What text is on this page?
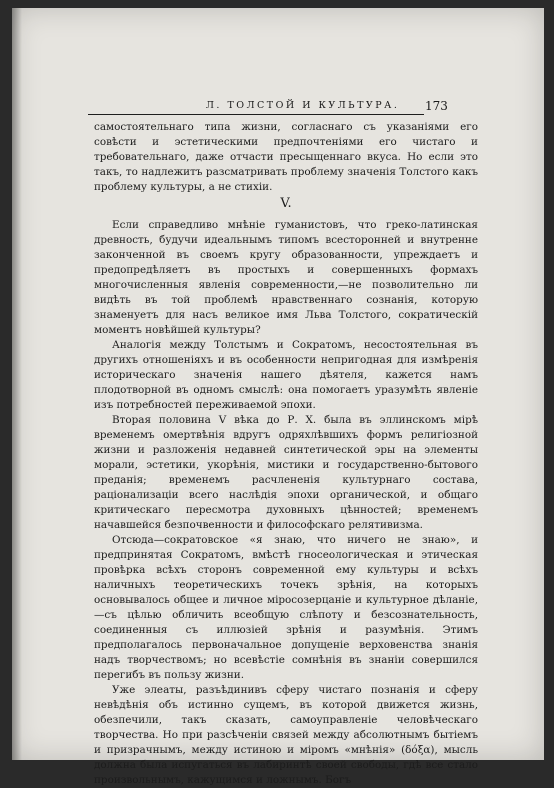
Л. ТОЛСТОЙ И КУЛЬТУРА. 173

самостоятельнаго типа жизни, согласнаго съ указаніями его совѣсти и эстетическими предпочтеніями его чистаго и требовательнаго, даже отчасти пресыщеннаго вкуса. Но если это такъ, то надлежитъ разсматривать проблему значенія Толстого какъ проблему культуры, а не стихіи.

V.

Если справедливо мнѣніе гуманистовъ, что греко-латинская древность, будучи идеальнымъ типомъ всесторонней и внутренне законченной въ своемъ кругу образованности, упреждаетъ и предопредѣляетъ въ простыхъ и совершенныхъ формахъ многочисленныя явленія современности,—не позволительно ли видѣть въ той проблемѣ нравственнаго сознанія, которую знаменуетъ для насъ великое имя Льва Толстого, сократическій моментъ новѣйшей культуры?

Аналогія между Толстымъ и Сократомъ, несостоятельная въ другихъ отношеніяхъ и въ особенности непригодная для измѣренія историческаго значенія нашего дѣятеля, кажется намъ плодотворной въ одномъ смыслѣ: она помогаетъ уразумѣть явленіе изъ потребностей переживаемой эпохи.

Вторая половина V вѣка до Р. Х. была въ эллинскомъ мірѣ временемъ омертвѣнія вдругъ одряхлѣвшихъ формъ религіозной жизни и разложенія недавней синтетической эры на элементы морали, эстетики, укорѣнія, мистики и государственно-бытового преданія; временемъ расчлененія культурнаго состава, раціонализаціи всего наслѣдія эпохи органической, и общаго критическаго пересмотра духовныхъ цѣнностей; временемъ начавшейся безпочвенности и философскаго релятивизма.

Отсюда—сократовское «я знаю, что ничего не знаю», и предпринятая Сократомъ, вмѣстѣ гносеологическая и этическая провѣрка всѣхъ сторонъ современной ему культуры и всѣхъ наличныхъ теоретическихъ точекъ зрѣнія, на которыхъ основывалось общее и личное міросозерцаніе и культурное дѣланіе,—съ цѣлью обличить всеобщую слѣпоту и безсознательность, соединенныя съ иллюзіей зрѣнія и разумѣнія. Этимъ предполагалось первоначальное допущеніе верховенства знанія надъ творчествомъ; но всевѣстіе сомнѣнія въ знаніи совершился перегибъ въ пользу жизни.

Уже элеаты, разъѣдинивъ сферу чистаго познанія и сферу невѣдѣнія объ истинно сущемъ, въ которой движется жизнь, обезпечили, такъ сказать, самоуправленіе человѣческаго творчества. Но при разсѣченіи связей между абсолютнымъ бытіемъ и призрачнымъ, между истиною и міромъ «мнѣнія» (δόξα), мысль должна была испугаться въ лабиринтѣ своей свободы, гдѣ все стало произвольнымъ, кажущимся и ложнымъ. Богъ
